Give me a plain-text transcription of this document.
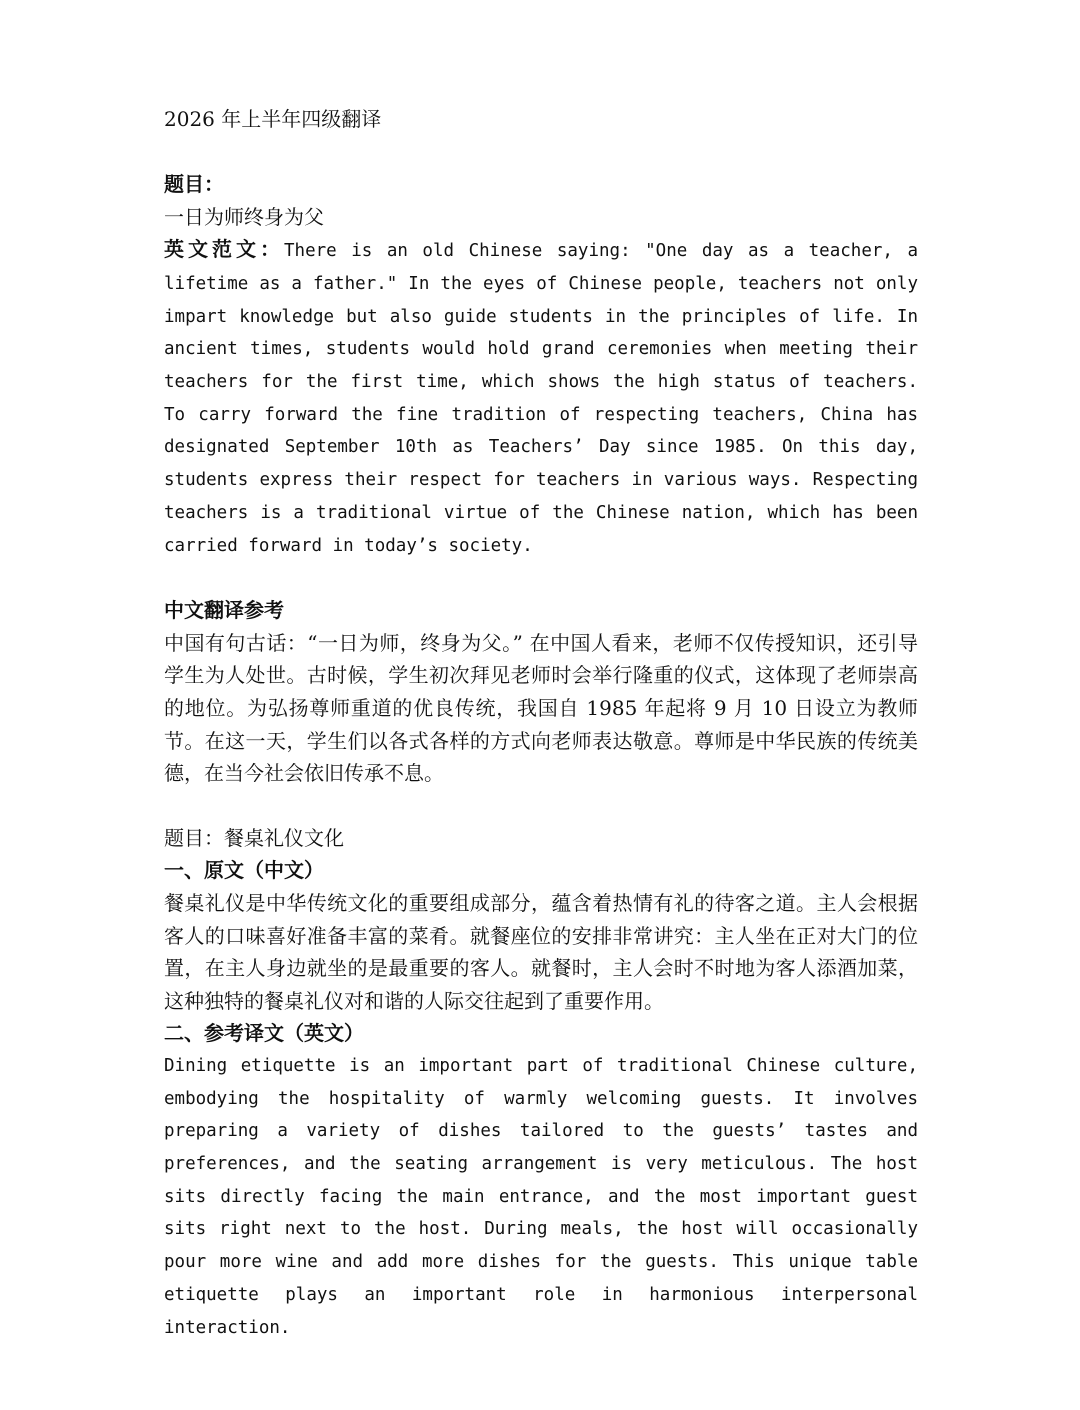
2026 年上半年四级翻译

题目：

一日为师终身为父

英文范文：There is an old Chinese saying: "One day as a teacher, a lifetime as a father." In the eyes of Chinese people, teachers not only impart knowledge but also guide students in the principles of life. In ancient times, students would hold grand ceremonies when meeting their teachers for the first time, which shows the high status of teachers. To carry forward the fine tradition of respecting teachers, China has designated September 10th as Teachers’ Day since 1985. On this day, students express their respect for teachers in various ways. Respecting teachers is a traditional virtue of the Chinese nation, which has been carried forward in today’s society.

中文翻译参考

中国有句古话：“一日为师，终身为父。” 在中国人看来，老师不仅传授知识，还引导学生为人处世。古时候，学生初次拜见老师时会举行隆重的仪式，这体现了老师崇高的地位。为弘扬尊师重道的优良传统，我国自 1985 年起将 9 月 10 日设立为教师节。在这一天，学生们以各式各样的方式向老师表达敬意。尊师是中华民族的传统美德，在当今社会依旧传承不息。

题目：餐桌礼仪文化

一、原文（中文）

餐桌礼仪是中华传统文化的重要组成部分，蕴含着热情有礼的待客之道。主人会根据客人的口味喜好准备丰富的菜肴。就餐座位的安排非常讲究：主人坐在正对大门的位置，在主人身边就坐的是最重要的客人。就餐时，主人会时不时地为客人添酒加菜，这种独特的餐桌礼仪对和谐的人际交往起到了重要作用。

二、参考译文（英文）

Dining etiquette is an important part of traditional Chinese culture, embodying the hospitality of warmly welcoming guests. It involves preparing a variety of dishes tailored to the guests’ tastes and preferences, and the seating arrangement is very meticulous. The host sits directly facing the main entrance, and the most important guest sits right next to the host. During meals, the host will occasionally pour more wine and add more dishes for the guests. This unique table etiquette plays an important role in harmonious interpersonal interaction.
